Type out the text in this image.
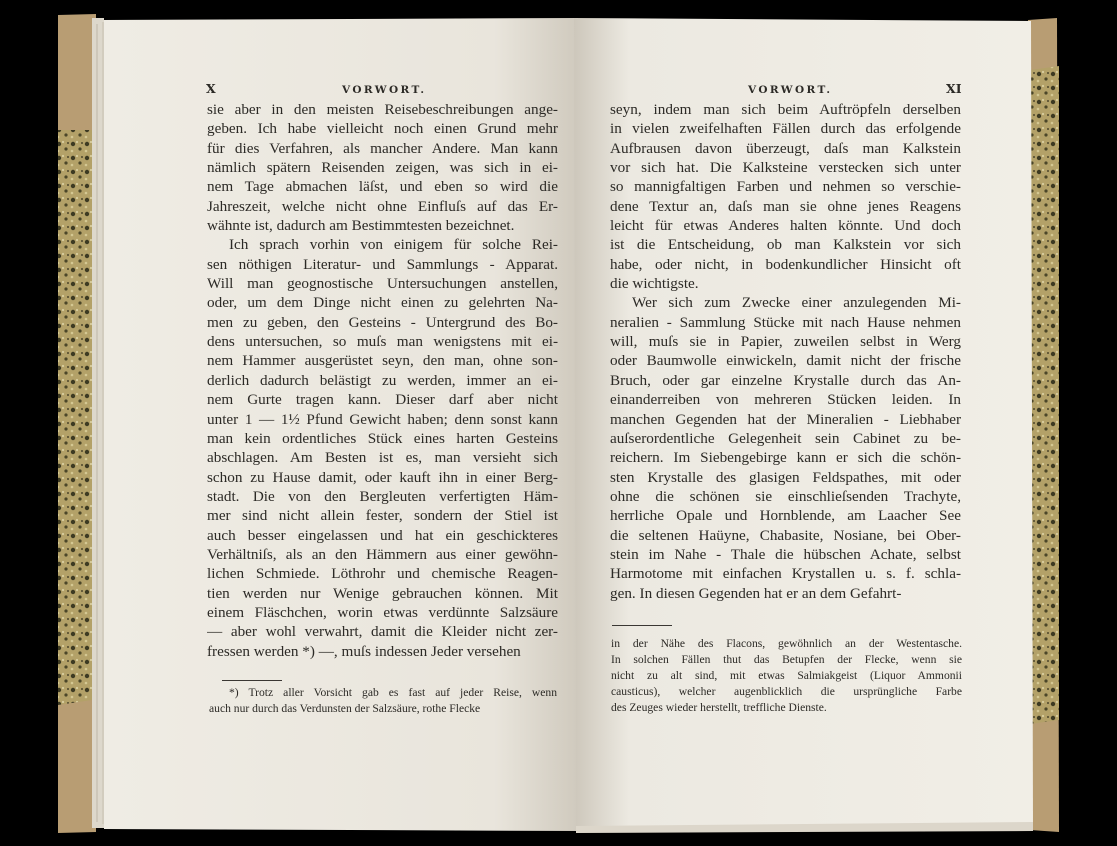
X	VORWORT.
sie aber in den meisten Reisebeschreibungen ange-
geben. Ich habe vielleicht noch einen Grund mehr
für dies Verfahren, als mancher Andere. Man kann
nämlich spätern Reisenden zeigen, was sich in ei-
nem Tage abmachen läſst, und eben so wird die
Jahreszeit, welche nicht ohne Einfluſs auf das Er-
wähnte ist, dadurch am Bestimmtesten bezeichnet.
Ich sprach vorhin von einigem für solche Rei-
sen nöthigen Literatur- und Sammlungs - Apparat.
Will man geognostische Untersuchungen anstellen,
oder, um dem Dinge nicht einen zu gelehrten Na-
men zu geben, den Gesteins - Untergrund des Bo-
dens untersuchen, so muſs man wenigstens mit ei-
nem Hammer ausgerüstet seyn, den man, ohne son-
derlich dadurch belästigt zu werden, immer an ei-
nem Gurte tragen kann. Dieser darf aber nicht
unter 1 — 1½ Pfund Gewicht haben; denn sonst kann
man kein ordentliches Stück eines harten Gesteins
abschlagen. Am Besten ist es, man versieht sich
schon zu Hause damit, oder kauft ihn in einer Berg-
stadt. Die von den Bergleuten verfertigten Häm-
mer sind nicht allein fester, sondern der Stiel ist
auch besser eingelassen und hat ein geschickteres
Verhältniſs, als an den Hämmern aus einer gewöhn-
lichen Schmiede. Löthrohr und chemische Reagen-
tien werden nur Wenige gebrauchen können. Mit
einem Fläschchen, worin etwas verdünnte Salzsäure
— aber wohl verwahrt, damit die Kleider nicht zer-
fressen werden *) —, muſs indessen Jeder versehen
*) Trotz aller Vorsicht gab es fast auf jeder Reise, wenn
auch nur durch das Verdunsten der Salzsäure, rothe Flecke
VORWORT.	XI
seyn, indem man sich beim Auftröpfeln derselben
in vielen zweifelhaften Fällen durch das erfolgende
Aufbrausen davon überzeugt, daſs man Kalkstein
vor sich hat. Die Kalksteine verstecken sich unter
so mannigfaltigen Farben und nehmen so verschie-
dene Textur an, daſs man sie ohne jenes Reagens
leicht für etwas Anderes halten könnte. Und doch
ist die Entscheidung, ob man Kalkstein vor sich
habe, oder nicht, in bodenkundlicher Hinsicht oft
die wichtigste.
Wer sich zum Zwecke einer anzulegenden Mi-
neralien - Sammlung Stücke mit nach Hause nehmen
will, muſs sie in Papier, zuweilen selbst in Werg
oder Baumwolle einwickeln, damit nicht der frische
Bruch, oder gar einzelne Krystalle durch das An-
einanderreiben von mehreren Stücken leiden. In
manchen Gegenden hat der Mineralien - Liebhaber
auſserordentliche Gelegenheit sein Cabinet zu be-
reichern. Im Siebengebirge kann er sich die schön-
sten Krystalle des glasigen Feldspathes, mit oder
ohne die schönen sie einschlieſsenden Trachyte,
herrliche Opale und Hornblende, am Laacher See
die seltenen Haüyne, Chabasite, Nosiane, bei Ober-
stein im Nahe - Thale die hübschen Achate, selbst
Harmotome mit einfachen Krystallen u. s. f. schla-
gen. In diesen Gegenden hat er an dem Gefahrt-
in der Nähe des Flacons, gewöhnlich an der Westentasche.
In solchen Fällen thut das Betupfen der Flecke, wenn sie
nicht zu alt sind, mit etwas Salmiakgeist (Liquor Ammonii
causticus), welcher augenblicklich die ursprüngliche Farbe
des Zeuges wieder herstellt, treffliche Dienste.
